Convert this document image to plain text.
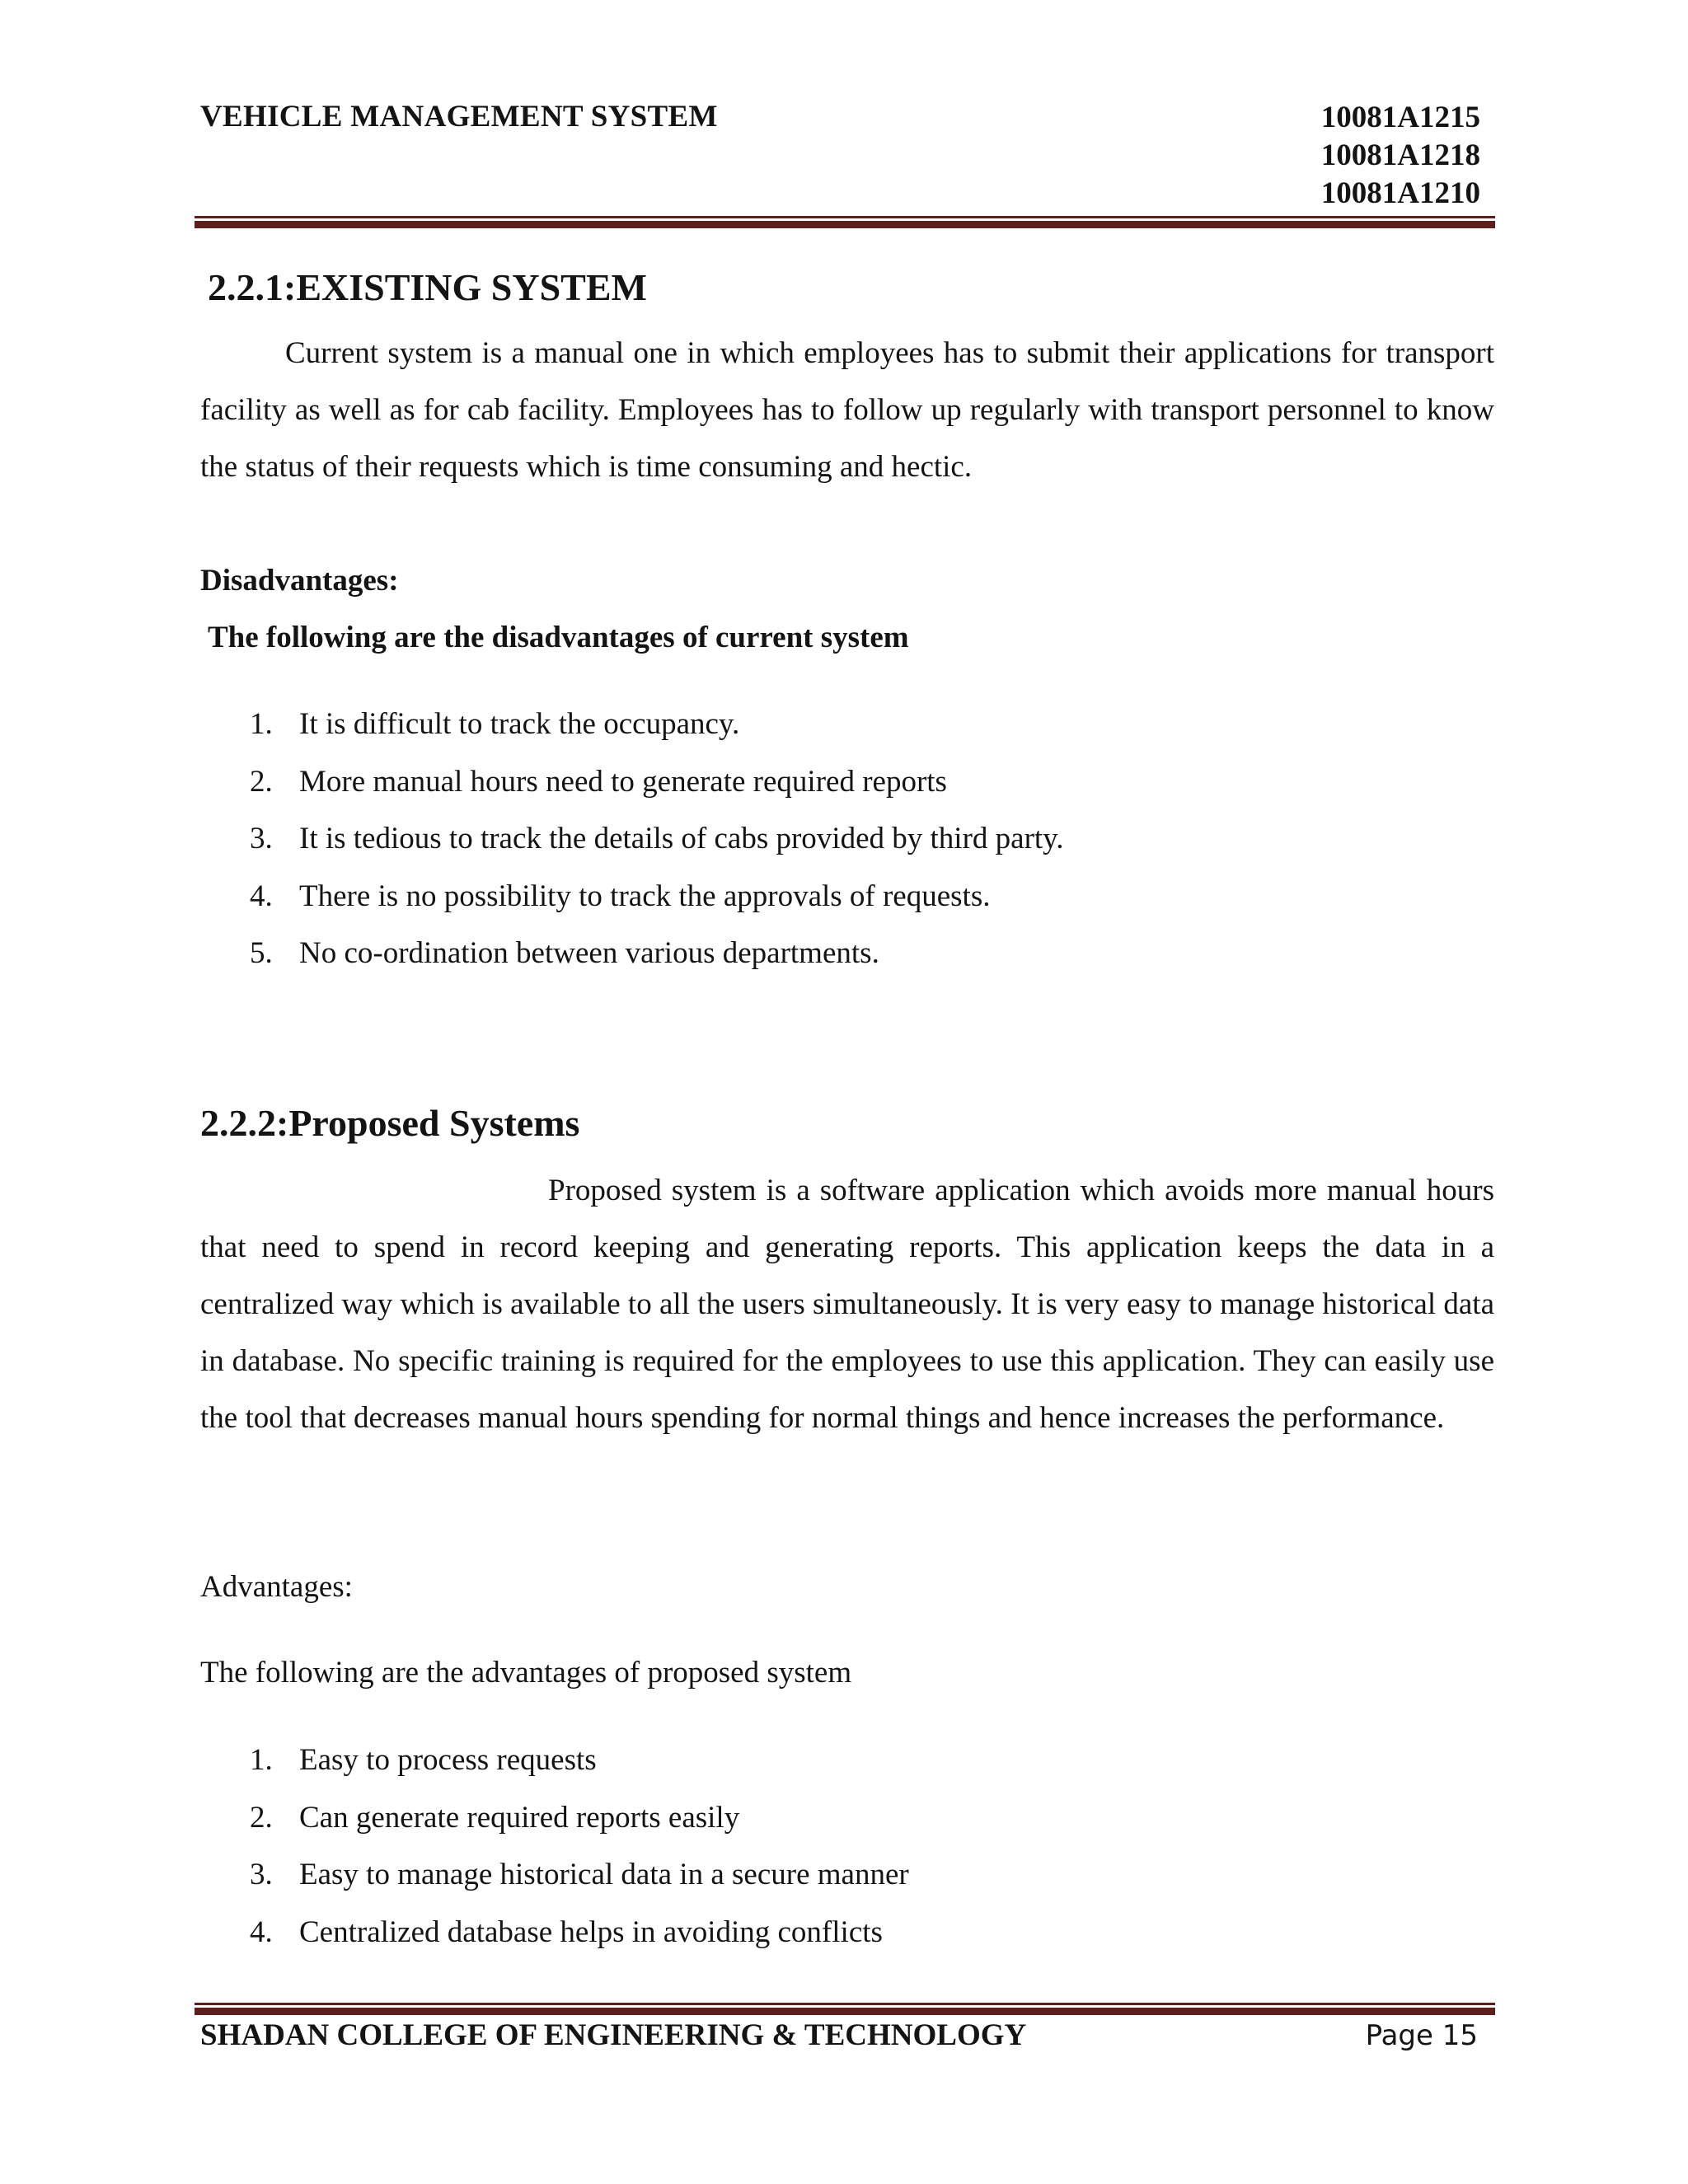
VEHICLE MANAGEMENT SYSTEM	10081A1215
10081A1218
10081A1210
2.2.1:EXISTING SYSTEM

Current system is a manual one in which employees has to submit their applications for transport facility as well as for cab facility. Employees has to follow up regularly with transport personnel to know the status of their requests which is time consuming and hectic.

Disadvantages:
The following are the disadvantages of current system
1. It is difficult to track the occupancy.
2. More manual hours need to generate required reports
3. It is tedious to track the details of cabs provided by third party.
4. There is no possibility to track the approvals of requests.
5. No co-ordination between various departments.
2.2.2:Proposed Systems

Proposed system is a software application which avoids more manual hours that need to spend in record keeping and generating reports. This application keeps the data in a centralized way which is available to all the users simultaneously. It is very easy to manage historical data in database. No specific training is required for the employees to use this application. They can easily use the tool that decreases manual hours spending for normal things and hence increases the performance.

Advantages:
The following are the advantages of proposed system
1. Easy to process requests
2. Can generate required reports easily
3. Easy to manage historical data in a secure manner
4. Centralized database helps in avoiding conflicts
SHADAN COLLEGE OF ENGINEERING & TECHNOLOGY	Page 15
